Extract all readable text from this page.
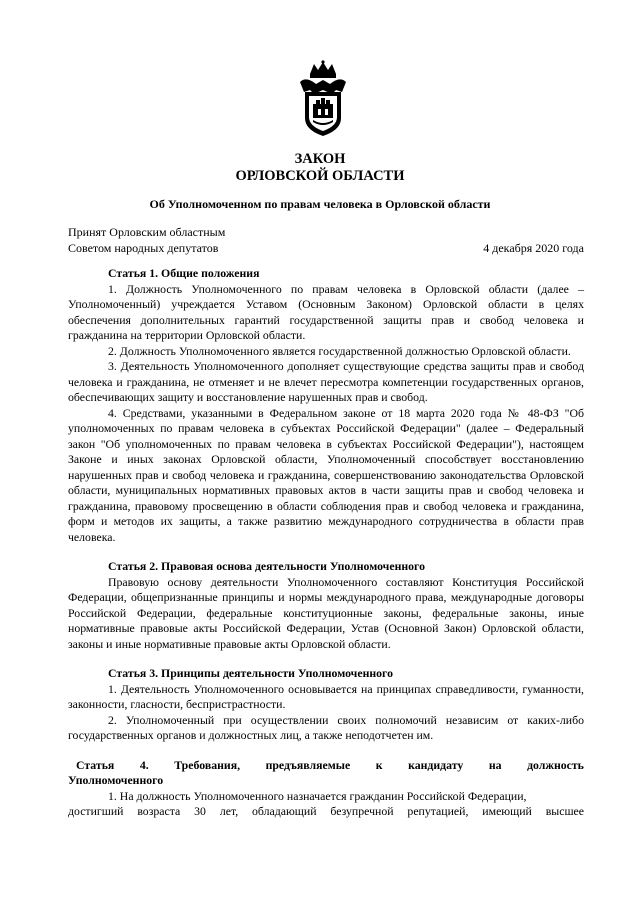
ЗАКОН

ОРЛОВСКОЙ ОБЛАСТИ

Об Уполномоченном по правам человека в Орловской области

Принят Орловским областным
Советом народных депутатов	4 декабря 2020 года

Статья 1. Общие положения

1. Должность Уполномоченного по правам человека в Орловской области (далее – Уполномоченный) учреждается Уставом (Основным Законом) Орловской области в целях обеспечения дополнительных гарантий государственной защиты прав и свобод человека и гражданина на территории Орловской области.

2. Должность Уполномоченного является государственной должностью Орловской области.

3. Деятельность Уполномоченного дополняет существующие средства защиты прав и свобод человека и гражданина, не отменяет и не влечет пересмотра компетенции государственных органов, обеспечивающих защиту и восстановление нарушенных прав и свобод.

4. Средствами, указанными в Федеральном законе от 18 марта 2020 года № 48-ФЗ "Об уполномоченных по правам человека в субъектах Российской Федерации" (далее – Федеральный закон "Об уполномоченных по правам человека в субъектах Российской Федерации"), настоящем Законе и иных законах Орловской области, Уполномоченный способствует восстановлению нарушенных прав и свобод человека и гражданина, совершенствованию законодательства Орловской области, муниципальных нормативных правовых актов в части защиты прав и свобод человека и гражданина, правовому просвещению в области соблюдения прав и свобод человека и гражданина, форм и методов их защиты, а также развитию международного сотрудничества в области прав человека.

Статья 2. Правовая основа деятельности Уполномоченного

Правовую основу деятельности Уполномоченного составляют Конституция Российской Федерации, общепризнанные принципы и нормы международного права, международные договоры Российской Федерации, федеральные конституционные законы, федеральные законы, иные нормативные правовые акты Российской Федерации, Устав (Основной Закон) Орловской области, законы и иные нормативные правовые акты Орловской области.

Статья 3. Принципы деятельности Уполномоченного

1. Деятельность Уполномоченного основывается на принципах справедливости, гуманности, законности, гласности, беспристрастности.

2. Уполномоченный при осуществлении своих полномочий независим от каких-либо государственных органов и должностных лиц, а также неподотчетен им.

Статья 4. Требования, предъявляемые к кандидату на должность
Уполномоченного

1. На должность Уполномоченного назначается гражданин Российской Федерации,

достигший возраста 30 лет, обладающий безупречной репутацией, имеющий высшее
